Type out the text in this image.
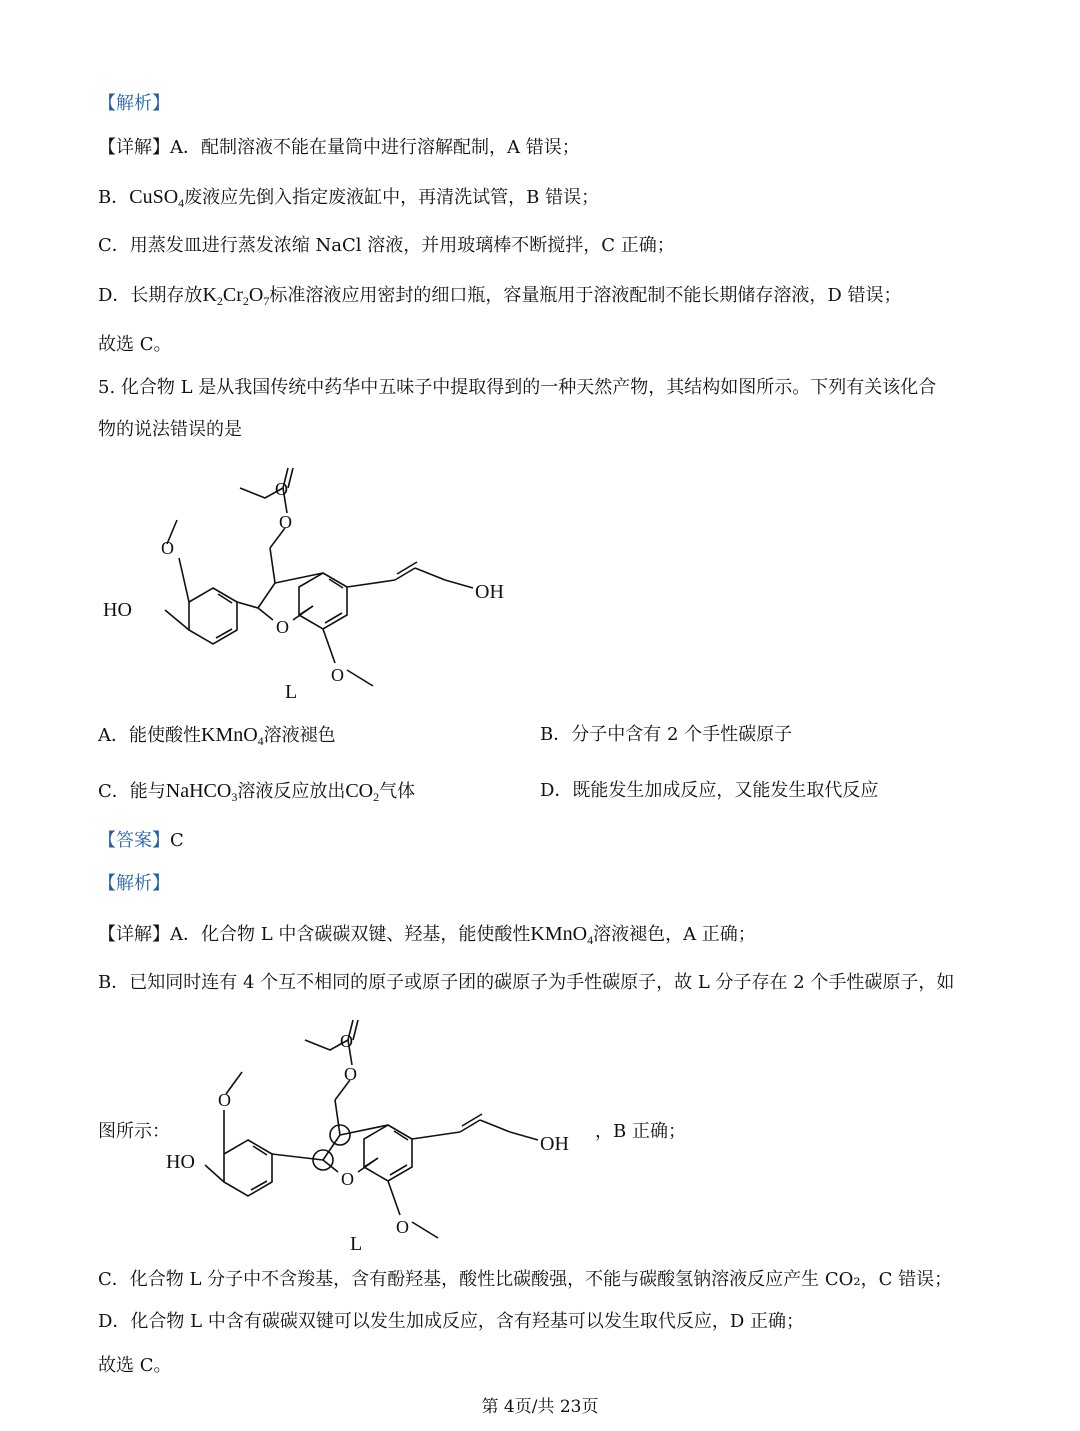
【解析】
【详解】A．配制溶液不能在量筒中进行溶解配制，A 错误；
B．CuSO$_4$废液应先倒入指定废液缸中，再清洗试管，B 错误；
C．用蒸发皿进行蒸发浓缩 NaCl 溶液，并用玻璃棒不断搅拌，C 正确；
D．长期存放$K_2Cr_2O_7$标准溶液应用密封的细口瓶，容量瓶用于溶液配制不能长期储存溶液，D 错误；
故选 C。
5. 化合物 L 是从我国传统中药华中五味子中提取得到的一种天然产物，其结构如图所示。下列有关该化合
物的说法错误的是
O
O
O
O
O
HO
OH
L
A．能使酸性KMnO$_4$溶液褪色	B．分子中含有 2 个手性碳原子
C．能与NaHCO$_3$溶液反应放出$CO_2$气体	D．既能发生加成反应，又能发生取代反应
【答案】C
【解析】
【详解】A．化合物 L 中含碳碳双键、羟基，能使酸性KMnO$_4$溶液褪色，A 正确；
B．已知同时连有 4 个互不相同的原子或原子团的碳原子为手性碳原子，故 L 分子存在 2 个手性碳原子，如
图所示：
O
O
O
O
O
HO
OH
L
，B 正确；
C．化合物 L 分子中不含羧基，含有酚羟基，酸性比碳酸强，不能与碳酸氢钠溶液反应产生 CO₂，C 错误；
D．化合物 L 中含有碳碳双键可以发生加成反应，含有羟基可以发生取代反应，D 正确；
故选 C。
第 4页/共 23页
